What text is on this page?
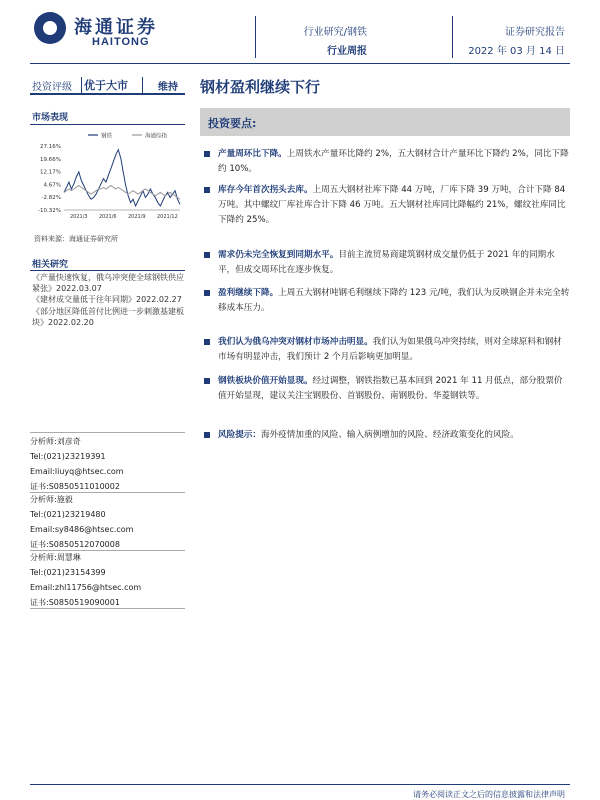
海通证券
HAITONG
行业研究/钢铁
行业周报
证券研究报告
2022 年 03 月 14 日
投资评级 优于大市	维持 钢材盈利继续下行
市场表现
钢铁	海通综指
27.16%
19.66%
12.17%
4.67%
-2.82%
-10.32%
2021/3 2021/6 2021/9 2021/12
资料来源：海通证券研究所
相关研究
《产量快速恢复，俄乌冲突使全球钢铁供应紧张》2022.03.07
《建材成交量低于往年同期》2022.02.27
《部分地区降低首付比例进一步刺激基建板块》2022.02.20
分析师:刘彦奇
Tel:(021)23219391
Email:liuyq@htsec.com
证书:S0850511010002
分析师:施毅
Tel:(021)23219480
Email:sy8486@htsec.com
证书:S0850512070008
分析师:周慧琳
Tel:(021)23154399
Email:zhl11756@htsec.com
证书:S0850519090001
投资要点:
产量周环比下降。上周铁水产量环比降约 2%，五大钢材合计产量环比下降约 2%，同比下降约 10%。
库存今年首次拐头去库。上周五大钢材社库下降 44 万吨，厂库下降 39 万吨，合计下降 84 万吨。其中螺纹厂库社库合计下降 46 万吨。五大钢材社库同比降幅约 21%，螺纹社库同比下降约 25%。
需求仍未完全恢复到同期水平。目前主流贸易商建筑钢材成交量仍低于 2021 年的同期水平，但成交周环比在逐步恢复。
盈利继续下降。上周五大钢材吨钢毛利继续下降约 123 元/吨，我们认为反映钢企并未完全转移成本压力。
我们认为俄乌冲突对钢材市场冲击明显。我们认为如果俄乌冲突持续，则对全球原料和钢材市场有明显冲击，我们预计 2 个月后影响更加明显。
钢铁板块价值开始显现。经过调整，钢铁指数已基本回到 2021 年 11 月低点，部分股票价值开始显现，建议关注宝钢股份、首钢股份、南钢股份、华菱钢铁等。
风险提示：海外疫情加重的风险、输入病例增加的风险、经济政策变化的风险。
请务必阅读正文之后的信息披露和法律声明
